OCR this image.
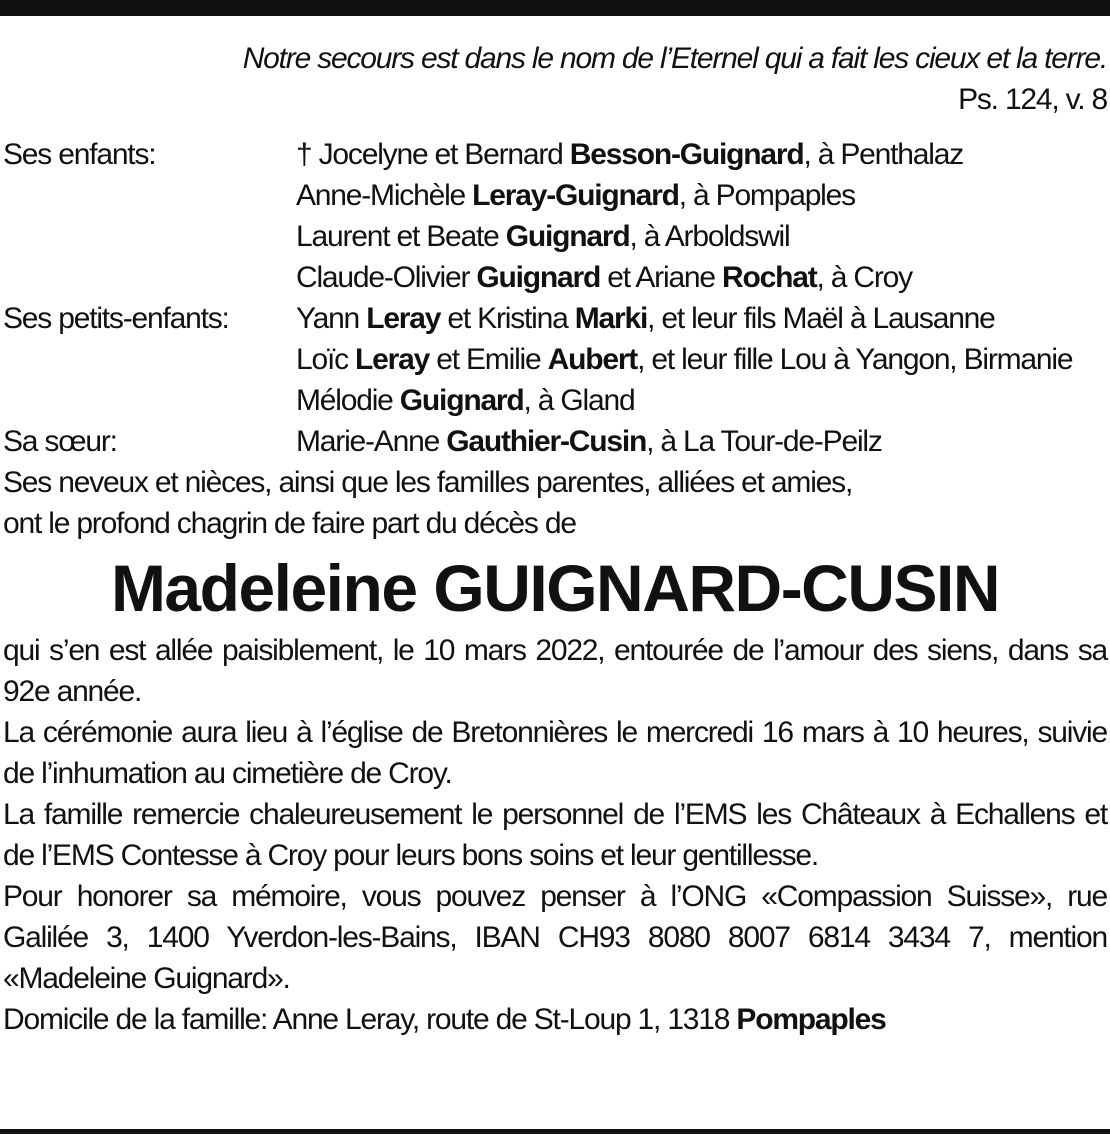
Notre secours est dans le nom de l’Eternel qui a fait les cieux et la terre.

Ps. 124, v. 8

Ses enfants:	† Jocelyne et Bernard Besson-Guignard, à Penthalaz
Anne-Michèle Leray-Guignard, à Pompaples
Laurent et Beate Guignard, à Arboldswil
Claude-Olivier Guignard et Ariane Rochat, à Croy
Ses petits-enfants:	Yann Leray et Kristina Marki, et leur fils Maël à Lausanne
Loïc Leray et Emilie Aubert, et leur fille Lou à Yangon, Birmanie
Mélodie Guignard, à Gland
Sa sœur:	Marie-Anne Gauthier-Cusin, à La Tour-de-Peilz

Ses neveux et nièces, ainsi que les familles parentes, alliées et amies,

ont le profond chagrin de faire part du décès de

Madeleine GUIGNARD-CUSIN

qui s’en est allée paisiblement, le 10 mars 2022, entourée de l’amour des siens, dans sa 92e année.

La cérémonie aura lieu à l’église de Bretonnières le mercredi 16 mars à 10 heures, suivie de l’inhumation au cimetière de Croy.

La famille remercie chaleureusement le personnel de l’EMS les Châteaux à Echallens et de l’EMS Contesse à Croy pour leurs bons soins et leur gentillesse.

Pour honorer sa mémoire, vous pouvez penser à l’ONG «Compassion Suisse», rue Galilée 3, 1400 Yverdon-les-Bains, IBAN CH93 8080 8007 6814 3434 7, mention «Madeleine Guignard».

Domicile de la famille: Anne Leray, route de St-Loup 1, 1318 Pompaples
